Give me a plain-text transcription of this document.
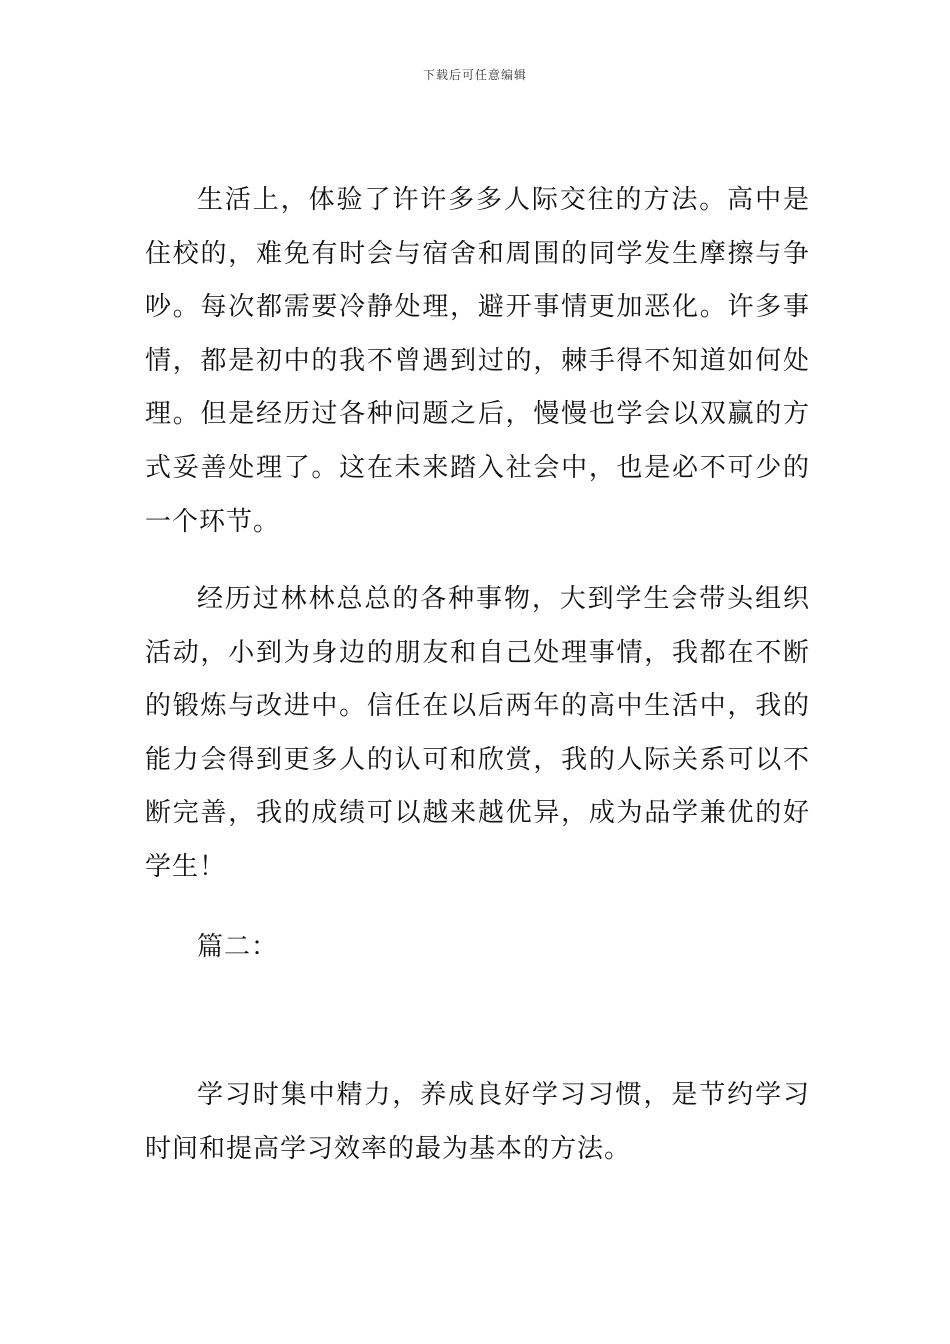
下载后可任意编辑

生活上，体验了许许多多人际交往的方法。高中是住校的，难免有时会与宿舍和周围的同学发生摩擦与争吵。每次都需要冷静处理，避开事情更加恶化。许多事情，都是初中的我不曾遇到过的，棘手得不知道如何处理。但是经历过各种问题之后，慢慢也学会以双赢的方式妥善处理了。这在未来踏入社会中，也是必不可少的一个环节。

经历过林林总总的各种事物，大到学生会带头组织活动，小到为身边的朋友和自己处理事情，我都在不断的锻炼与改进中。信任在以后两年的高中生活中，我的能力会得到更多人的认可和欣赏，我的人际关系可以不断完善，我的成绩可以越来越优异，成为品学兼优的好学生！

篇二：

学习时集中精力，养成良好学习习惯，是节约学习时间和提高学习效率的最为基本的方法。
